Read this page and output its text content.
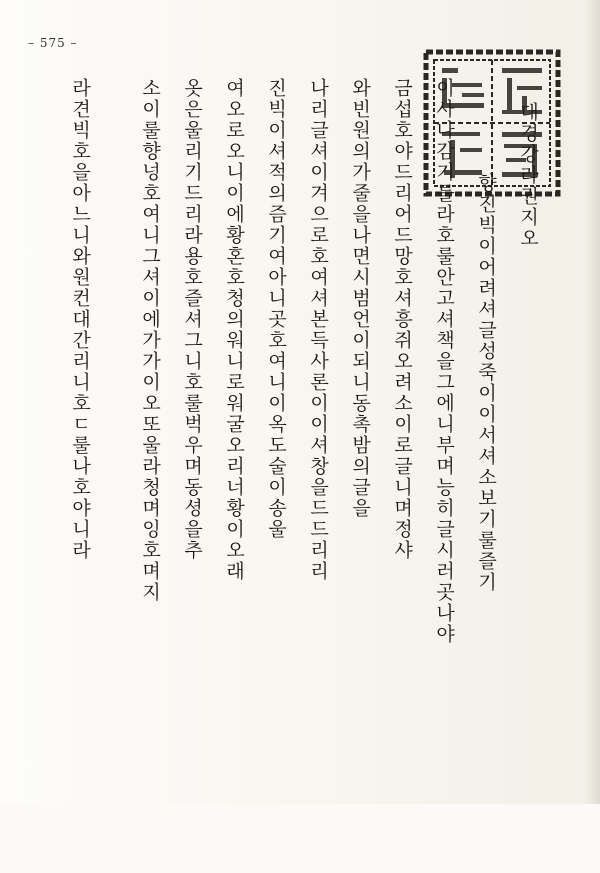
– 575 –
대경강라권지오
향진빅이어려셔글성죽이이서셔소보기룰즐기
이사나감기룰라호룰안고셔책을그에니부며능히글시러곳나야
금섭호야드리어드망호셔흥쥐오려소이로글니며정샤
와빈원의가줄을나면시범언이되니동촉밤의글을
나리글셔이겨으로호여셔본득사론이이셔창을드드리리
진빅이셔적의즘기여아니곳호여니이옥도술이송울
여오로오니이에황혼호청의워니로워굴오리너황이오래
옷은울리기드리라용호즐셔그니호룰벅우며동셩을추
소이룰향넝호여니그셔이에가가이오또울라청며잉호며지
라견빅호을아느니와원컨대간리니호ㄷ룰나호야니라
